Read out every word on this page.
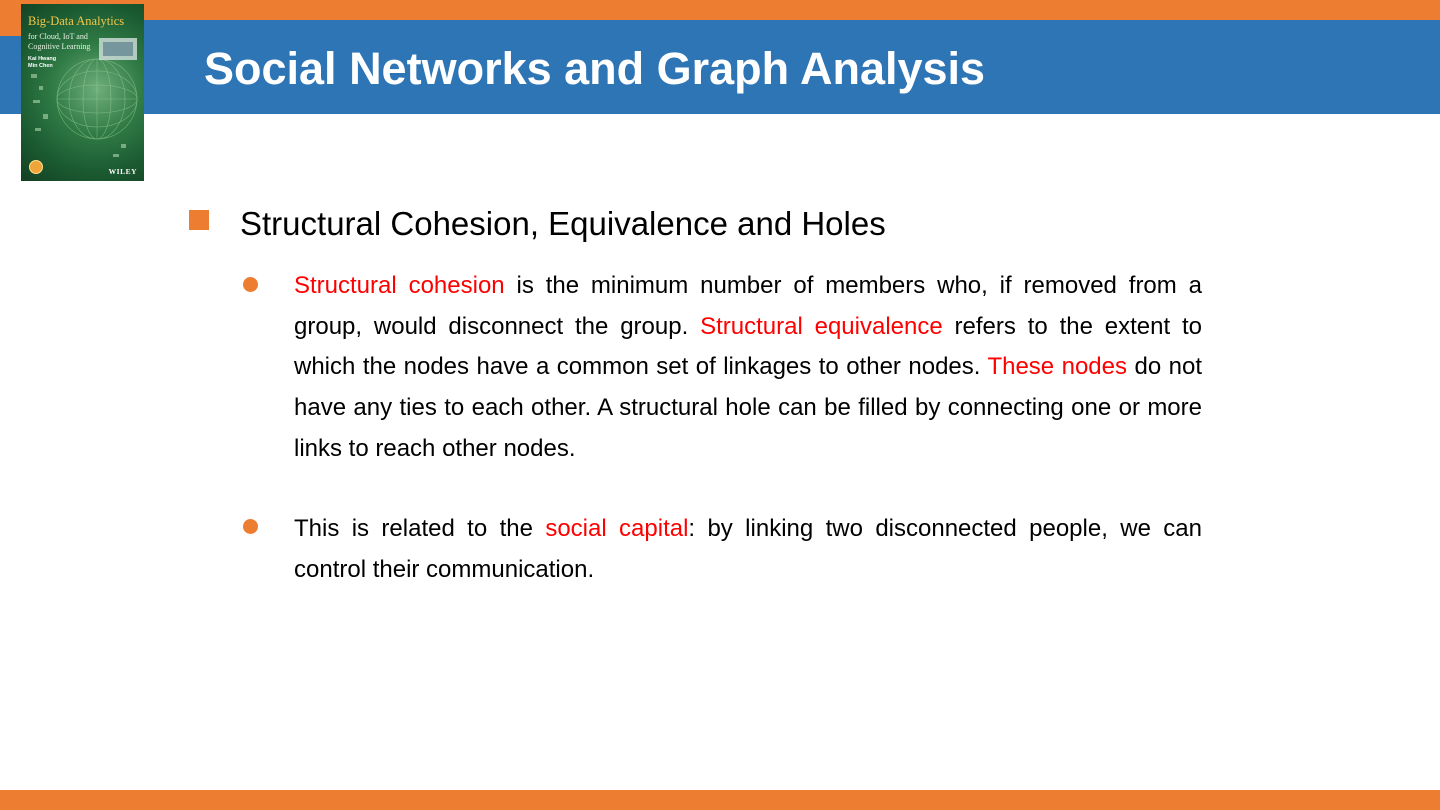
Social Networks and Graph Analysis
Big-Data Analytics
for Cloud, IoT and Cognitive Learning
Kai Hwang
Min Chen
WILEY
Structural Cohesion, Equivalence and Holes

Structural cohesion is the minimum number of members who, if removed from a group, would disconnect the group. Structural equivalence refers to the extent to which the nodes have a common set of linkages to other nodes. These nodes do not have any ties to each other. A structural hole can be filled by connecting one or more links to reach other nodes.

This is related to the social capital: by linking two disconnected people, we can control their communication.
